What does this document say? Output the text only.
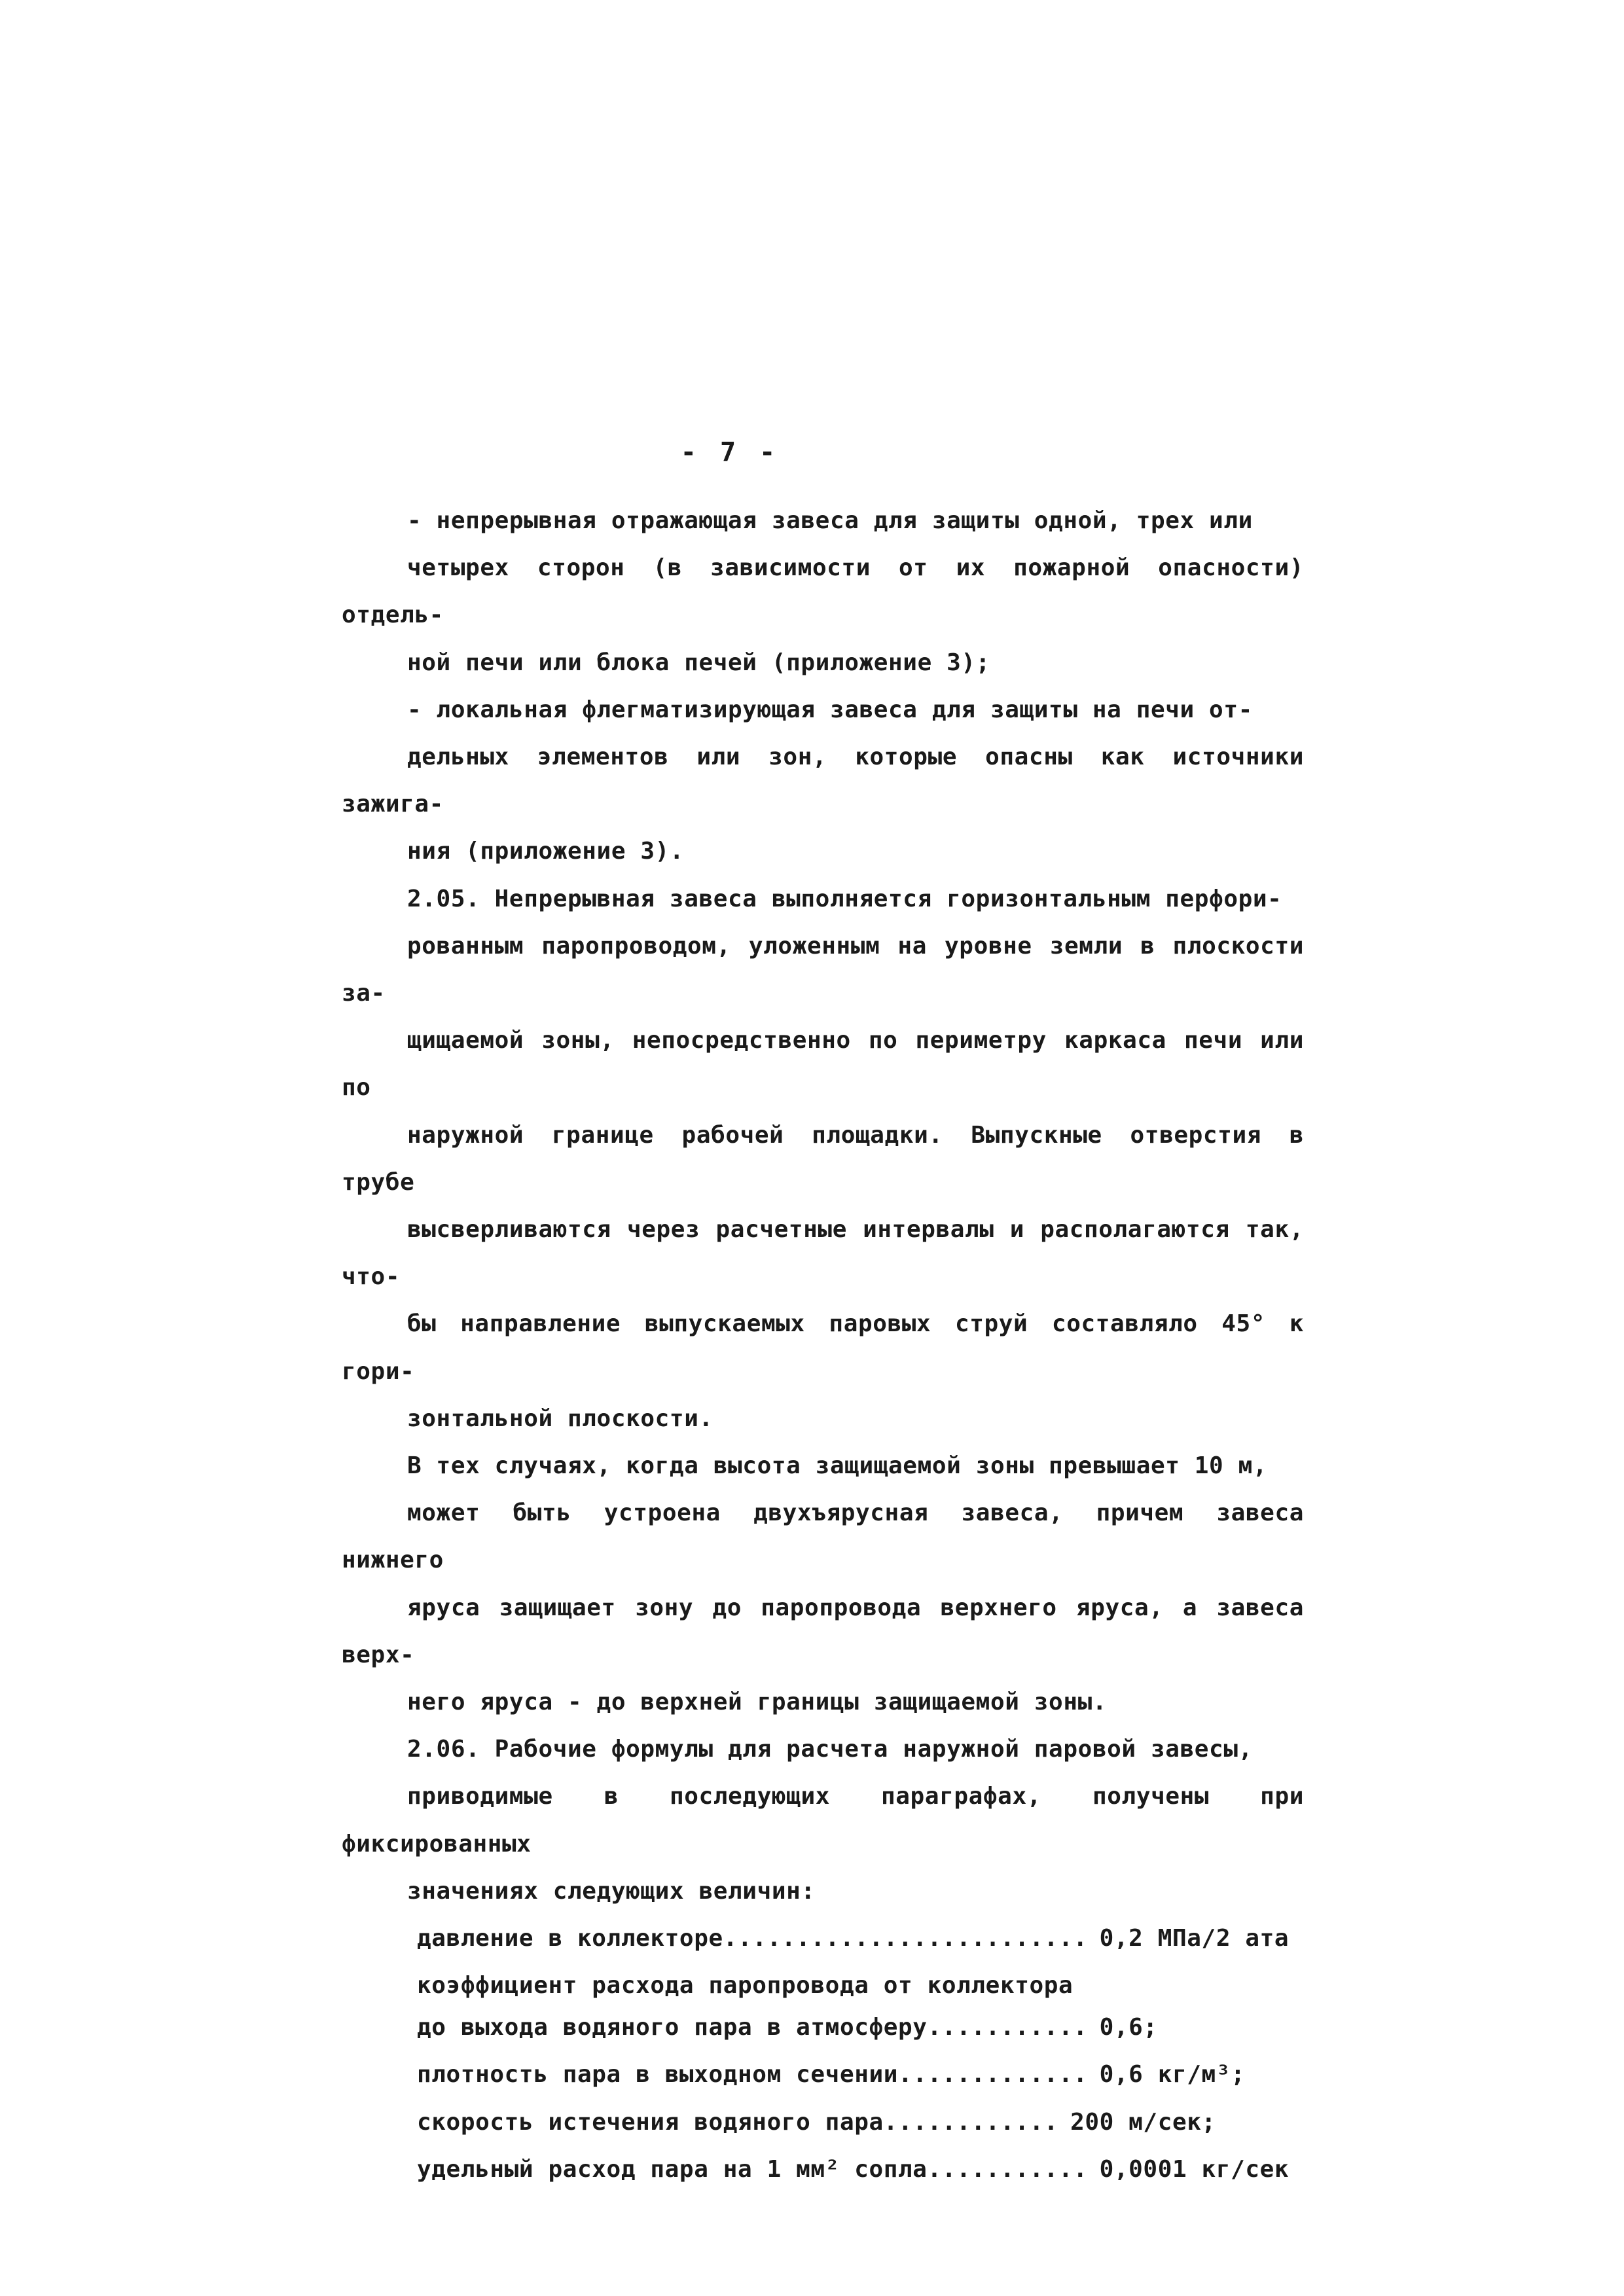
- 7 -

- непрерывная отражающая завеса для защиты одной, трех или
четырех сторон (в зависимости от их пожарной опасности) отдель-
ной печи или блока печей (приложение 3);

- локальная флегматизирующая завеса для защиты на печи от-
дельных элементов или зон, которые опасны как источники зажига-
ния (приложение 3).

2.05. Непрерывная завеса выполняется горизонтальным перфори-
рованным паропроводом, уложенным на уровне земли в плоскости за-
щищаемой зоны, непосредственно по периметру каркаса печи или по
наружной границе рабочей площадки. Выпускные отверстия в трубе
высверливаются через расчетные интервалы и располагаются так, что-
бы направление выпускаемых паровых струй составляло 45° к гори-
зонтальной плоскости.

В тех случаях, когда высота защищаемой зоны превышает 10 м,
может быть устроена двухъярусная завеса, причем завеса нижнего
яруса защищает зону до паропровода верхнего яруса, а завеса верх-
него яруса - до верхней границы защищаемой зоны.

2.06. Рабочие формулы для расчета наружной паровой завесы,
приводимые в последующих параграфах, получены при фиксированных
значениях следующих величин:

давление в коллекторе ......................... 0,2 МПа/2 ата
коэффициент расхода паропровода от коллектора
до выхода водяного пара в атмосферу ........... 0,6;
плотность пара в выходном сечении ............. 0,6 кг/м³;
скорость истечения водяного пара ............ 200 м/сек;
удельный расход пара на 1 мм² сопла ........... 0,0001 кг/сек
